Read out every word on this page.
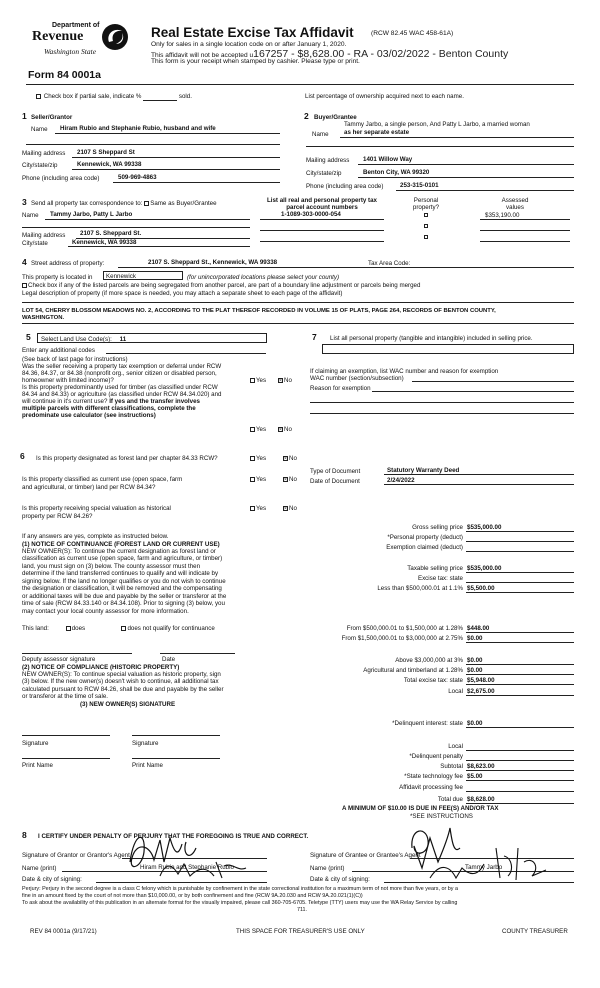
Department of
Revenue
Washington State
Real Estate Excise Tax Affidavit	(RCW 82.45 WAC 458-61A)
Only for sales in a single location code on or after January 1, 2020.
This affidavit will not be accepted u167257 - $8,628.00 - RA - 03/02/2022 - Benton County
This form is your receipt when stamped by cashier. Please type or print.
Form 84 0001a
Check box if partial sale, indicate %	sold.	List percentage of ownership acquired next to each name.
1 Seller/Grantor
Name Hiram Rubio and Stephanie Rubio, husband and wife
Mailing address 2107 S Sheppard St
City/state/zip	Kennewick, WA 99338
Phone (including area code)	509-969-4863
2 Buyer/Grantee
Tammy Jarbo, a single person, And Patty L Jarbo, a married woman
Name as her separate estate
Mailing address 1401 Willow Way
City/state/zip	Benton City, WA 99320
Phone (including area code)	253-315-0101
3 Send all property tax correspondence to: Same as Buyer/Grantee
Name Tammy Jarbo, Patty L Jarbo
Mailing address 2107 S. Sheppard St.
City/state	Kennewick, WA 99338
List all real and personal property tax
parcel account numbers
1-1089-303-0000-054
Personal
property?
Assessed
values
$353,190.00
4 Street address of property:	2107 S. Sheppard St., Kennewick, WA 99338	Tax Area Code:
This property is located in	Kennewick	(for unincorporated locations please select your county)
Check box if any of the listed parcels are being segregated from another parcel, are part of a boundary line adjustment or parcels being merged
Legal description of property (if more space is needed, you may attach a separate sheet to each page of the affidavit)
LOT 54, CHERRY BLOSSOM MEADOWS NO. 2, ACCORDING TO THE PLAT THEREOF RECORDED IN VOLUME 15 OF PLATS, PAGE 264, RECORDS OF BENTON COUNTY,
WASHINGTON.
5	Select Land Use Code(s): 11
Enter any additional codes
(See back of last page for instructions)
Was the seller receiving a property tax exemption or deferral under RCW
84.36, 84.37, or 84.38 (nonprofit org., senior citizen or disabled person,
homeowner with limited income)?	Yes	× No
Is this property predominantly used for timber (as classified under RCW
84.34 and 84.33) or agriculture (as classified under RCW 84.34.020) and
will continue in it's current use? If yes and the transfer involves
multiple parcels with different classifications, complete the
predominate use calculator (see instructions)
Yes	× No
7 List all personal property (tangible and intangible) included in selling price.
If claiming an exemption, list WAC number and reason for exemption
WAC number (section/subsection)
Reason for exemption
6 Is this property designated as forest land per chapter 84.33 RCW?	Yes	× No
Is this property classified as current use (open space, farm
and agricultural, or timber) land per RCW 84.34?
Yes	× No
Is this property receiving special valuation as historical
property per RCW 84.26?
Yes	× No
If any answers are yes, complete as instructed below.
(1) NOTICE OF CONTINUANCE (FOREST LAND OR CURRENT USE)
NEW OWNER(S): To continue the current designation as forest land or
classification as current use (open space, farm and agriculture, or timber)
land, you must sign on (3) below. The county assessor must then
determine if the land transferred continues to qualify and will indicate by
signing below. If the land no longer qualifies or you do not wish to continue
the designation or classification, it will be removed and the compensating
or additional taxes will be due and payable by the seller or transferor at the
time of sale (RCW 84.33.140 or 84.34.108). Prior to signing (3) below, you
may contact your local county assessor for more information.
This land:	does	does not qualify for continuance
Deputy assessor signature	Date
(2) NOTICE OF COMPLIANCE (HISTORIC PROPERTY)
NEW OWNER(S): To continue special valuation as historic property, sign
(3) below. If the new owner(s) doesn't wish to continue, all additional tax
calculated pursuant to RCW 84.26, shall be due and payable by the seller
or transferor at the time of sale.
(3) NEW OWNER(S) SIGNATURE
Signature	Signature
Print Name	Print Name
Type of Document	Statutory Warranty Deed
Date of Document	2/24/2022
Gross selling price $535,000.00
*Personal property (deduct)
Exemption claimed (deduct)
Taxable selling price $535,000.00
Excise tax: state
Less than $500,000.01 at 1.1% $5,500.00
From $500,000.01 to $1,500,000 at 1.28% $448.00
From $1,500,000.01 to $3,000,000 at 2.75% $0.00
Above $3,000,000 at 3% $0.00
Agricultural and timberland at 1.28% $0.00
Total excise tax: state $5,948.00
Local $2,675.00
*Delinquent interest: state $0.00
Local
*Delinquent penalty
Subtotal $8,623.00
*State technology fee $5.00
Affidavit processing fee
Total due $8,628.00
A MINIMUM OF $10.00 IS DUE IN FEE(S) AND/OR TAX
*SEE INSTRUCTIONS
8 I CERTIFY UNDER PENALTY OF PERJURY THAT THE FOREGOING IS TRUE AND CORRECT.
Signature of Grantor or Grantor's Agent	Signature of Grantee or Grantee's Agent
Name (print)	Hiram Rubio and Stephanie Rubio	Name (print)	Tammy Jarbo
Date & city of signing:	Date & city of signing:
Perjury: Perjury in the second degree is a class C felony which is punishable by confinement in the state correctional institution for a maximum term of not more than five years, or by a
fine in an amount fixed by the court of not more than $10,000.00, or by both confinement and fine (RCW 9A.20.030 and RCW 9A.20.021(1)(C))
To ask about the availability of this publication in an alternate format for the visually impaired, please call 360-705-6705. Teletype (TTY) users may use the WA Relay Service by calling
711.
REV 84 0001a (9/17/21)	THIS SPACE FOR TREASURER'S USE ONLY	COUNTY TREASURER
